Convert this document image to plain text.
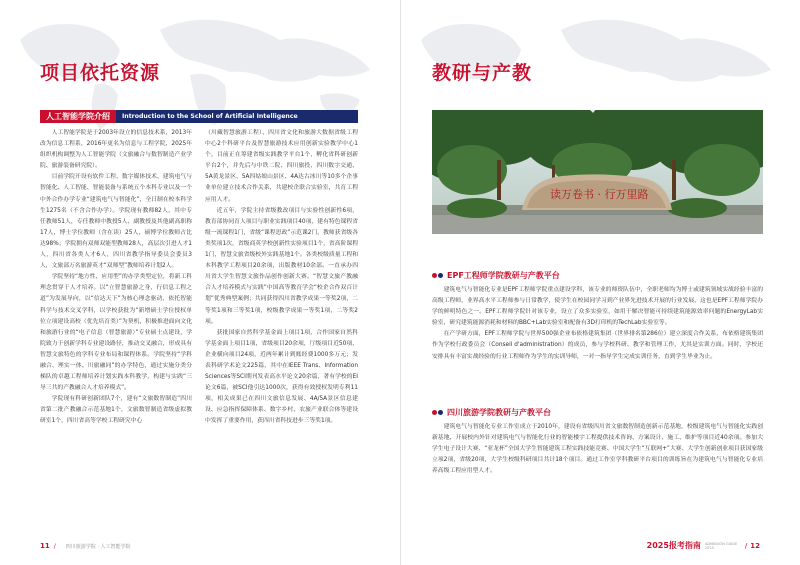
项目依托资源
人工智能学院介绍	Introduction to the School of Artificial Intelligence

人工智能学院是于2003年设立的信息技术系，2013年改为信息工程系，2016年更名为信息与工程学院，2025年组织机构调整为人工智能学院（文旅融合与数智制造产业学院、旅游装备研究院）。

目前学院开设有软件工程、数字媒体技术、建筑电气与智能化、人工智能、智能装备与系统五个本科专业以及一个中外合作办学专业“建筑电气与智能化”，全日制在校本科学生1275名（不含合作办学）。学院现有教师82人，其中专任教师51人，专任教师中教授5人、副教授及其他副高职称17人，博士学位教师（含在读）25人，硕博学位教师占比达98%；学院拥有双师双能型教师28人，高层次引进人才1人，四川省各类人才6人，四川省教学指导委员会委员3人，文旅部万名旅游英才“双师型”教师培养计划2人。

学院坚持“地方性、应用型”的办学类型定位，将新工科理念贯穿于人才培养。以“立智慧旅游之身，行信息工程之道”为发展导向，以“信达天下”为核心理念驱动，依托智能科学与技术交叉学科，以学校获批为“新增硕士学位授权单位立项建设高校（优先培育类）”为契机，积极推进面向文化和旅游行业的“电子信息（智慧旅游）”专业硕士点建设，学院致力于创新学科专业建设路径，推动交叉融合，形成具有智慧文旅特色的学科专业布局和课程体系。学院坚持“学科融合、理实一体、川旅融同”的办学特色，通过实施分类分梯队的卓越工程师培养计划实践本科教学，构建与实践“三导三共的产教融合人才培养模式”。

学院现有科研创新团队7个，建有“文旅数智制造”四川省第二批产教融合示范基地1个，文旅数智制造省级虚拟教研室1个，四川省高等学校工程研究中心

（川藏智慧旅游工程）、四川省文化和旅游大数据省级工程中心2个科研平台及智慧旅游技术应用创新实验教学中心1个，目前正在筹建省级实践教学平台1个，孵化省科研创新平台2个，并先后与中铁二院、四川旅投、四川数字交通、5A黄龙景区、5A四姑娘山景区、4A达古冰川等10多个企事业单位建立技术合作关系，共建校企联合实验室，共育工程应用人才。

近五年，学院主持省级教改项目与实验性创新性6项，教育部协同育人项目与职业实践项目40项，建有特色课程省级一流课程1门，省级“课程思政”示范课2门，教师获省级各类奖项1次，省级商英学校创新性实验项目1个，省高阶课程1门，智慧文旅省级校外实践基地1个。各类校级质量工程和本科教学工程项目20余项，出版教材10余部。一直承办四川省大学生智慧文旅作品创作创新大赛。“智慧文旅产教融合人才培养模式与实践”中国高等教育学会“校企合作双百计划”优秀典型案例；共同获得四川省教学成果一等奖2项，二等奖1项和三等奖1项，校级教学成果一等奖1项，二等奖2项。

获批国家自然科学基金面上项目1项，合作国家自然科学基金面上项目1项，省级项目20余项，厅级项目近50项，企业横向项目24项，近两年累计到账经费1000多万元；发表科研学术论文225篇，其中在IEEE Trans、Information Sciences等SCI期刊发表高水平论文20余篇，著有学校的EI论文6篇，被SCI他引达1000次，获得有效授权发明专利11项，相关成果已在四川文旅信息发展、4A/5A景区信息建设、应急指挥保障体系、数字乡村、农旅产业联合体等建设中发挥了重要作用，获四川省科技进步三等奖1项。

11 / 四川旅游学院 · 人工智能学院
教研与产教
读万卷书 · 行万里路
EPF工程师学院教研与产教平台

建筑电气与智能化专业是EPF工程师学院重点建设学科，该专业的师资队伍中，全职老师均为博士或建筑领域实战经验丰富的高级工程师，业界高水平工程师参与日常教学，使学生在校园同学习到产业界先进技术开展的行业发展，这也是EPF工程师学院办学的鲜明特色之一。EPF工程师学院针对该专业，设立了众多实验室，如用于解决智能可持续建筑能源效率问题的EnergyLab实验室，研究建筑能源消耗和材料的BBC+Lab实验室和配备有3D打印机的TechLab实验室等。

在产学研方面，EPF工程师学院与世界500强企业布依格建筑集团（世界排名第286位）建立深度合作关系，布依格建筑集团作为学校行政委员会（Conseil d'administration）的成员，参与学校科研、教学和管理工作，尤其是实训方面。同时，学校还安排具有丰富实战经验的行业工程师作为学生的实训导师，一对一指导学生完成实训任务，直到学生毕业为止。

四川旅游学院教研与产教平台

建筑电气与智能化专业工作室成立于2010年，建设有省级四川省文旅数智制造创新示范基地，校级建筑电气与智能化实践创新基地，开展校内外针对建筑电气与智能化行业的智能楼宇工程提供技术咨询、方案设计、施工、维护等项目近40余项。参加大学生电子设计大赛、“亚龙杯”全国大学生智能建筑工程实践技能竞赛、中国大学生“互联网+”大赛、大学生创新创业项目获国家级立项2项，省级20项，大学生校级科研项目共计18个项目。通过工作室学科教研平台项目的训练旨在为建筑电气与智能化专业培养高级工程应用型人才。

2025报考指南 ADMISSION GUIDE 2025	/ 12
